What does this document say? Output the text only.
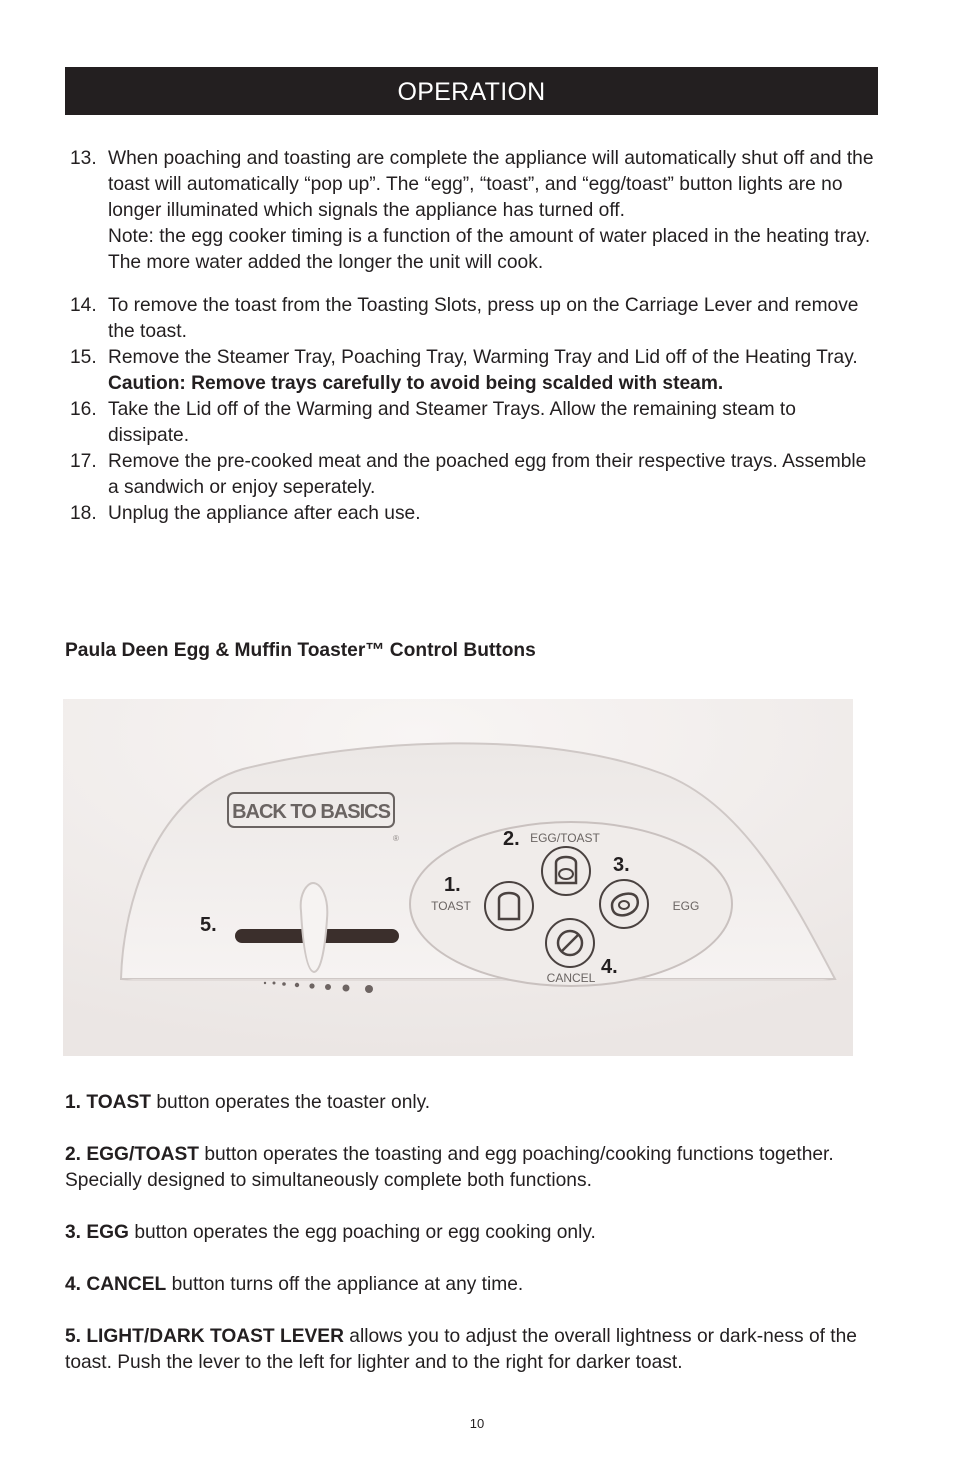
OPERATION
13. When poaching and toasting are complete the appliance will automatically shut off and the toast will automatically “pop up”. The “egg”, “toast”, and “egg/toast” button lights are no longer illuminated which signals the appliance has turned off.
Note: the egg cooker timing is a function of the amount of water placed in the heating tray. The more water added the longer the unit will cook.
14. To remove the toast from the Toasting Slots, press up on the Carriage Lever and remove the toast.
15. Remove the Steamer Tray, Poaching Tray, Warming Tray and Lid off of the Heating Tray. Caution: Remove trays carefully to avoid being scalded with steam.
16. Take the Lid off of the Warming and Steamer Trays. Allow the remaining steam to dissipate.
17. Remove the pre-cooked meat and the poached egg from their respective trays. Assemble a sandwich or enjoy seperately.
18. Unplug the appliance after each use.
Paula Deen Egg & Muffin Toaster™ Control Buttons
BACK TO BASICS
®	EGG/TOAST
TOAST	EGG
CANCEL
1.
2.
3.
4.
5.

1. TOAST button operates the toaster only.

2. EGG/TOAST button operates the toasting and egg poaching/cooking functions together. Specially designed to simultaneously complete both functions.

3. EGG button operates the egg poaching or egg cooking only.

4. CANCEL button turns off the appliance at any time.

5. LIGHT/DARK TOAST LEVER allows you to adjust the overall lightness or dark-ness of the toast. Push the lever to the left for lighter and to the right for darker toast.

10
